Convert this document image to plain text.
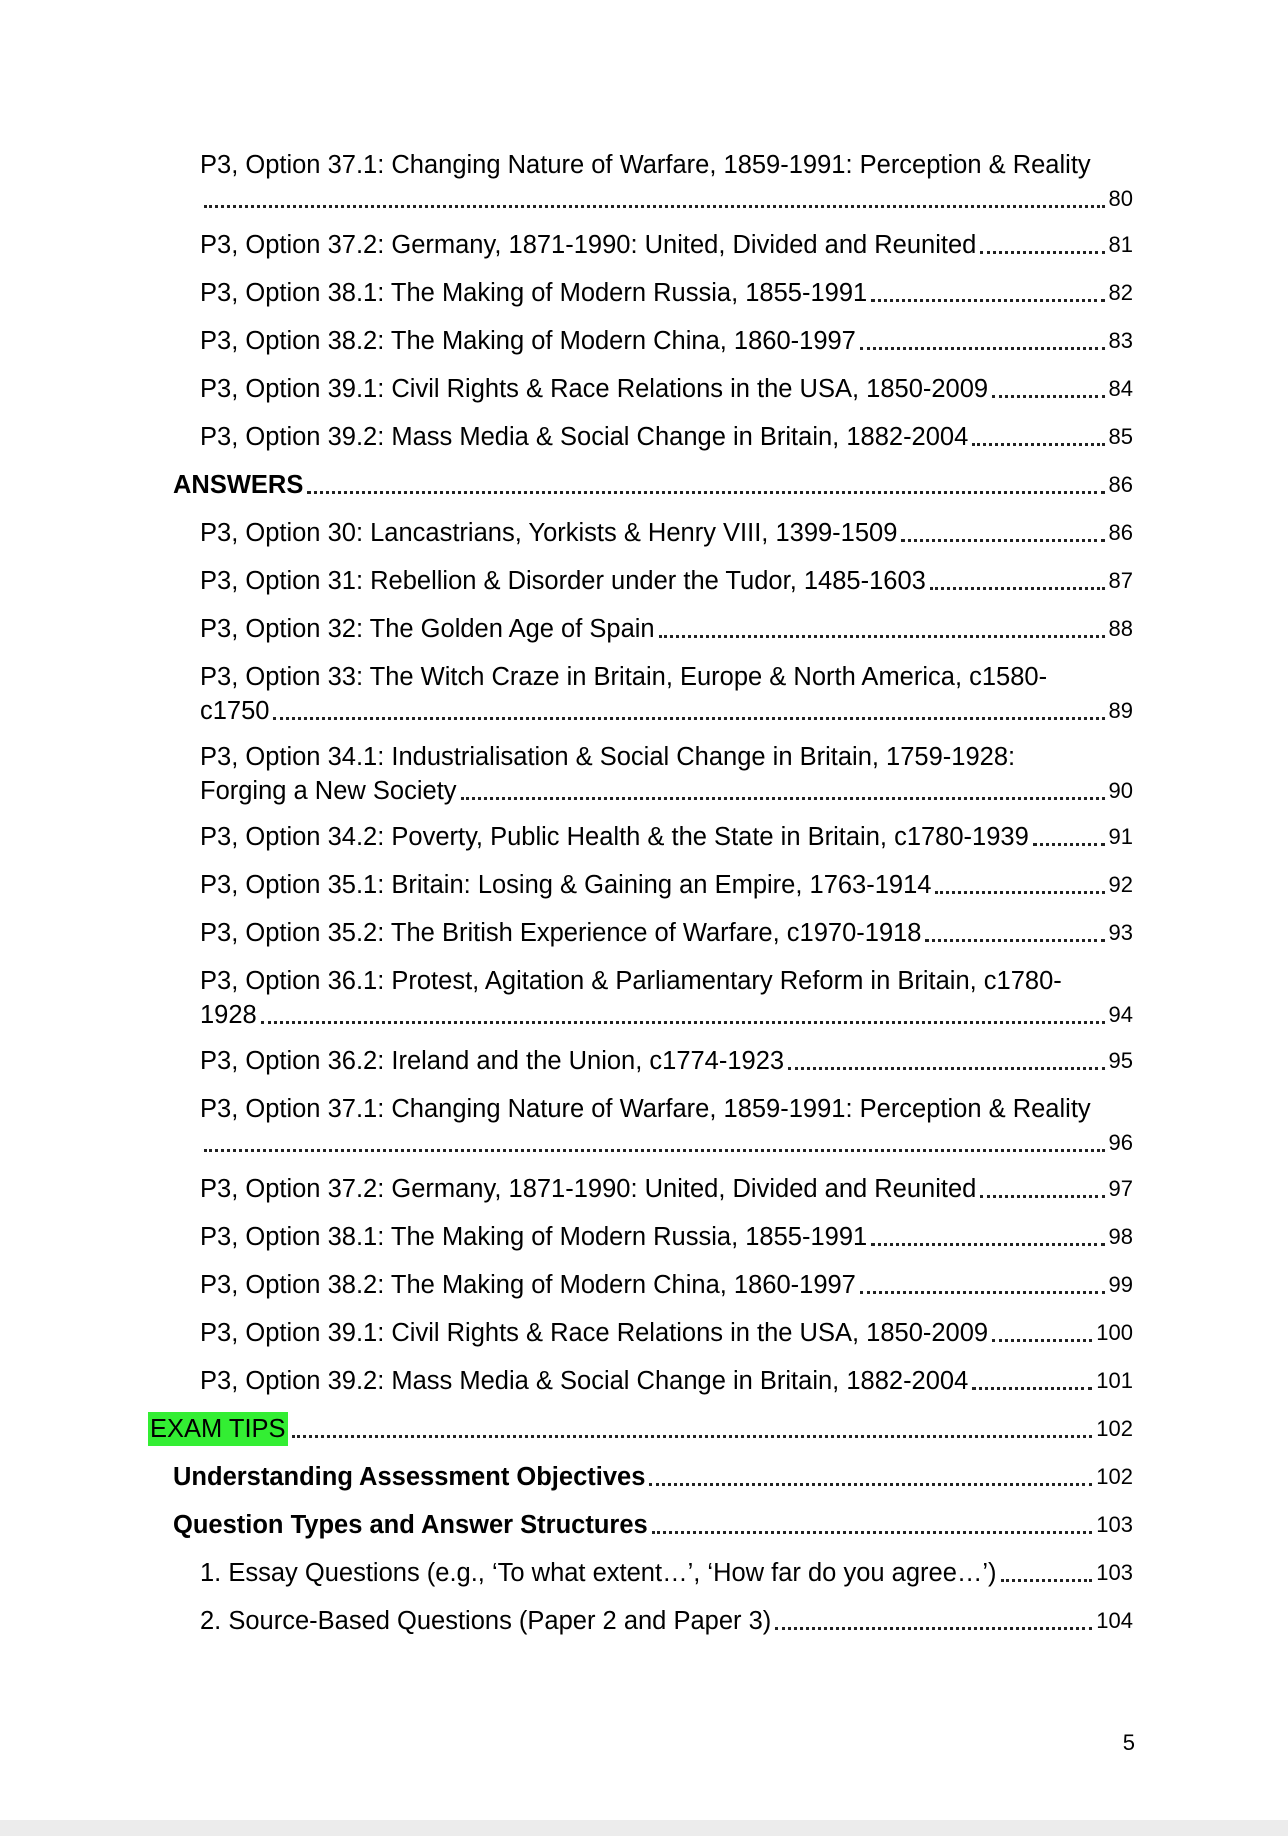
P3, Option 37.1: Changing Nature of Warfare, 1859-1991: Perception & Reality
80
P3, Option 37.2: Germany, 1871-1990: United, Divided and Reunited	81
P3, Option 38.1: The Making of Modern Russia, 1855-1991	82
P3, Option 38.2: The Making of Modern China, 1860-1997	83
P3, Option 39.1: Civil Rights & Race Relations in the USA, 1850-2009	84
P3, Option 39.2: Mass Media & Social Change in Britain, 1882-2004	85
ANSWERS	86
P3, Option 30: Lancastrians, Yorkists & Henry VIII, 1399-1509	86
P3, Option 31: Rebellion & Disorder under the Tudor, 1485-1603	87
P3, Option 32: The Golden Age of Spain	88
P3, Option 33: The Witch Craze in Britain, Europe & North America, c1580-
c1750	89
P3, Option 34.1: Industrialisation & Social Change in Britain, 1759-1928:
Forging a New Society	90
P3, Option 34.2: Poverty, Public Health & the State in Britain, c1780-1939	91
P3, Option 35.1: Britain: Losing & Gaining an Empire, 1763-1914	92
P3, Option 35.2: The British Experience of Warfare, c1970-1918	93
P3, Option 36.1: Protest, Agitation & Parliamentary Reform in Britain, c1780-
1928	94
P3, Option 36.2: Ireland and the Union, c1774-1923	95
P3, Option 37.1: Changing Nature of Warfare, 1859-1991: Perception & Reality
96
P3, Option 37.2: Germany, 1871-1990: United, Divided and Reunited	97
P3, Option 38.1: The Making of Modern Russia, 1855-1991	98
P3, Option 38.2: The Making of Modern China, 1860-1997	99
P3, Option 39.1: Civil Rights & Race Relations in the USA, 1850-2009	100
P3, Option 39.2: Mass Media & Social Change in Britain, 1882-2004	101
EXAM TIPS	102
Understanding Assessment Objectives	102
Question Types and Answer Structures	103
1. Essay Questions (e.g., ‘To what extent…’, ‘How far do you agree…’)	103
2. Source-Based Questions (Paper 2 and Paper 3)	104
5
